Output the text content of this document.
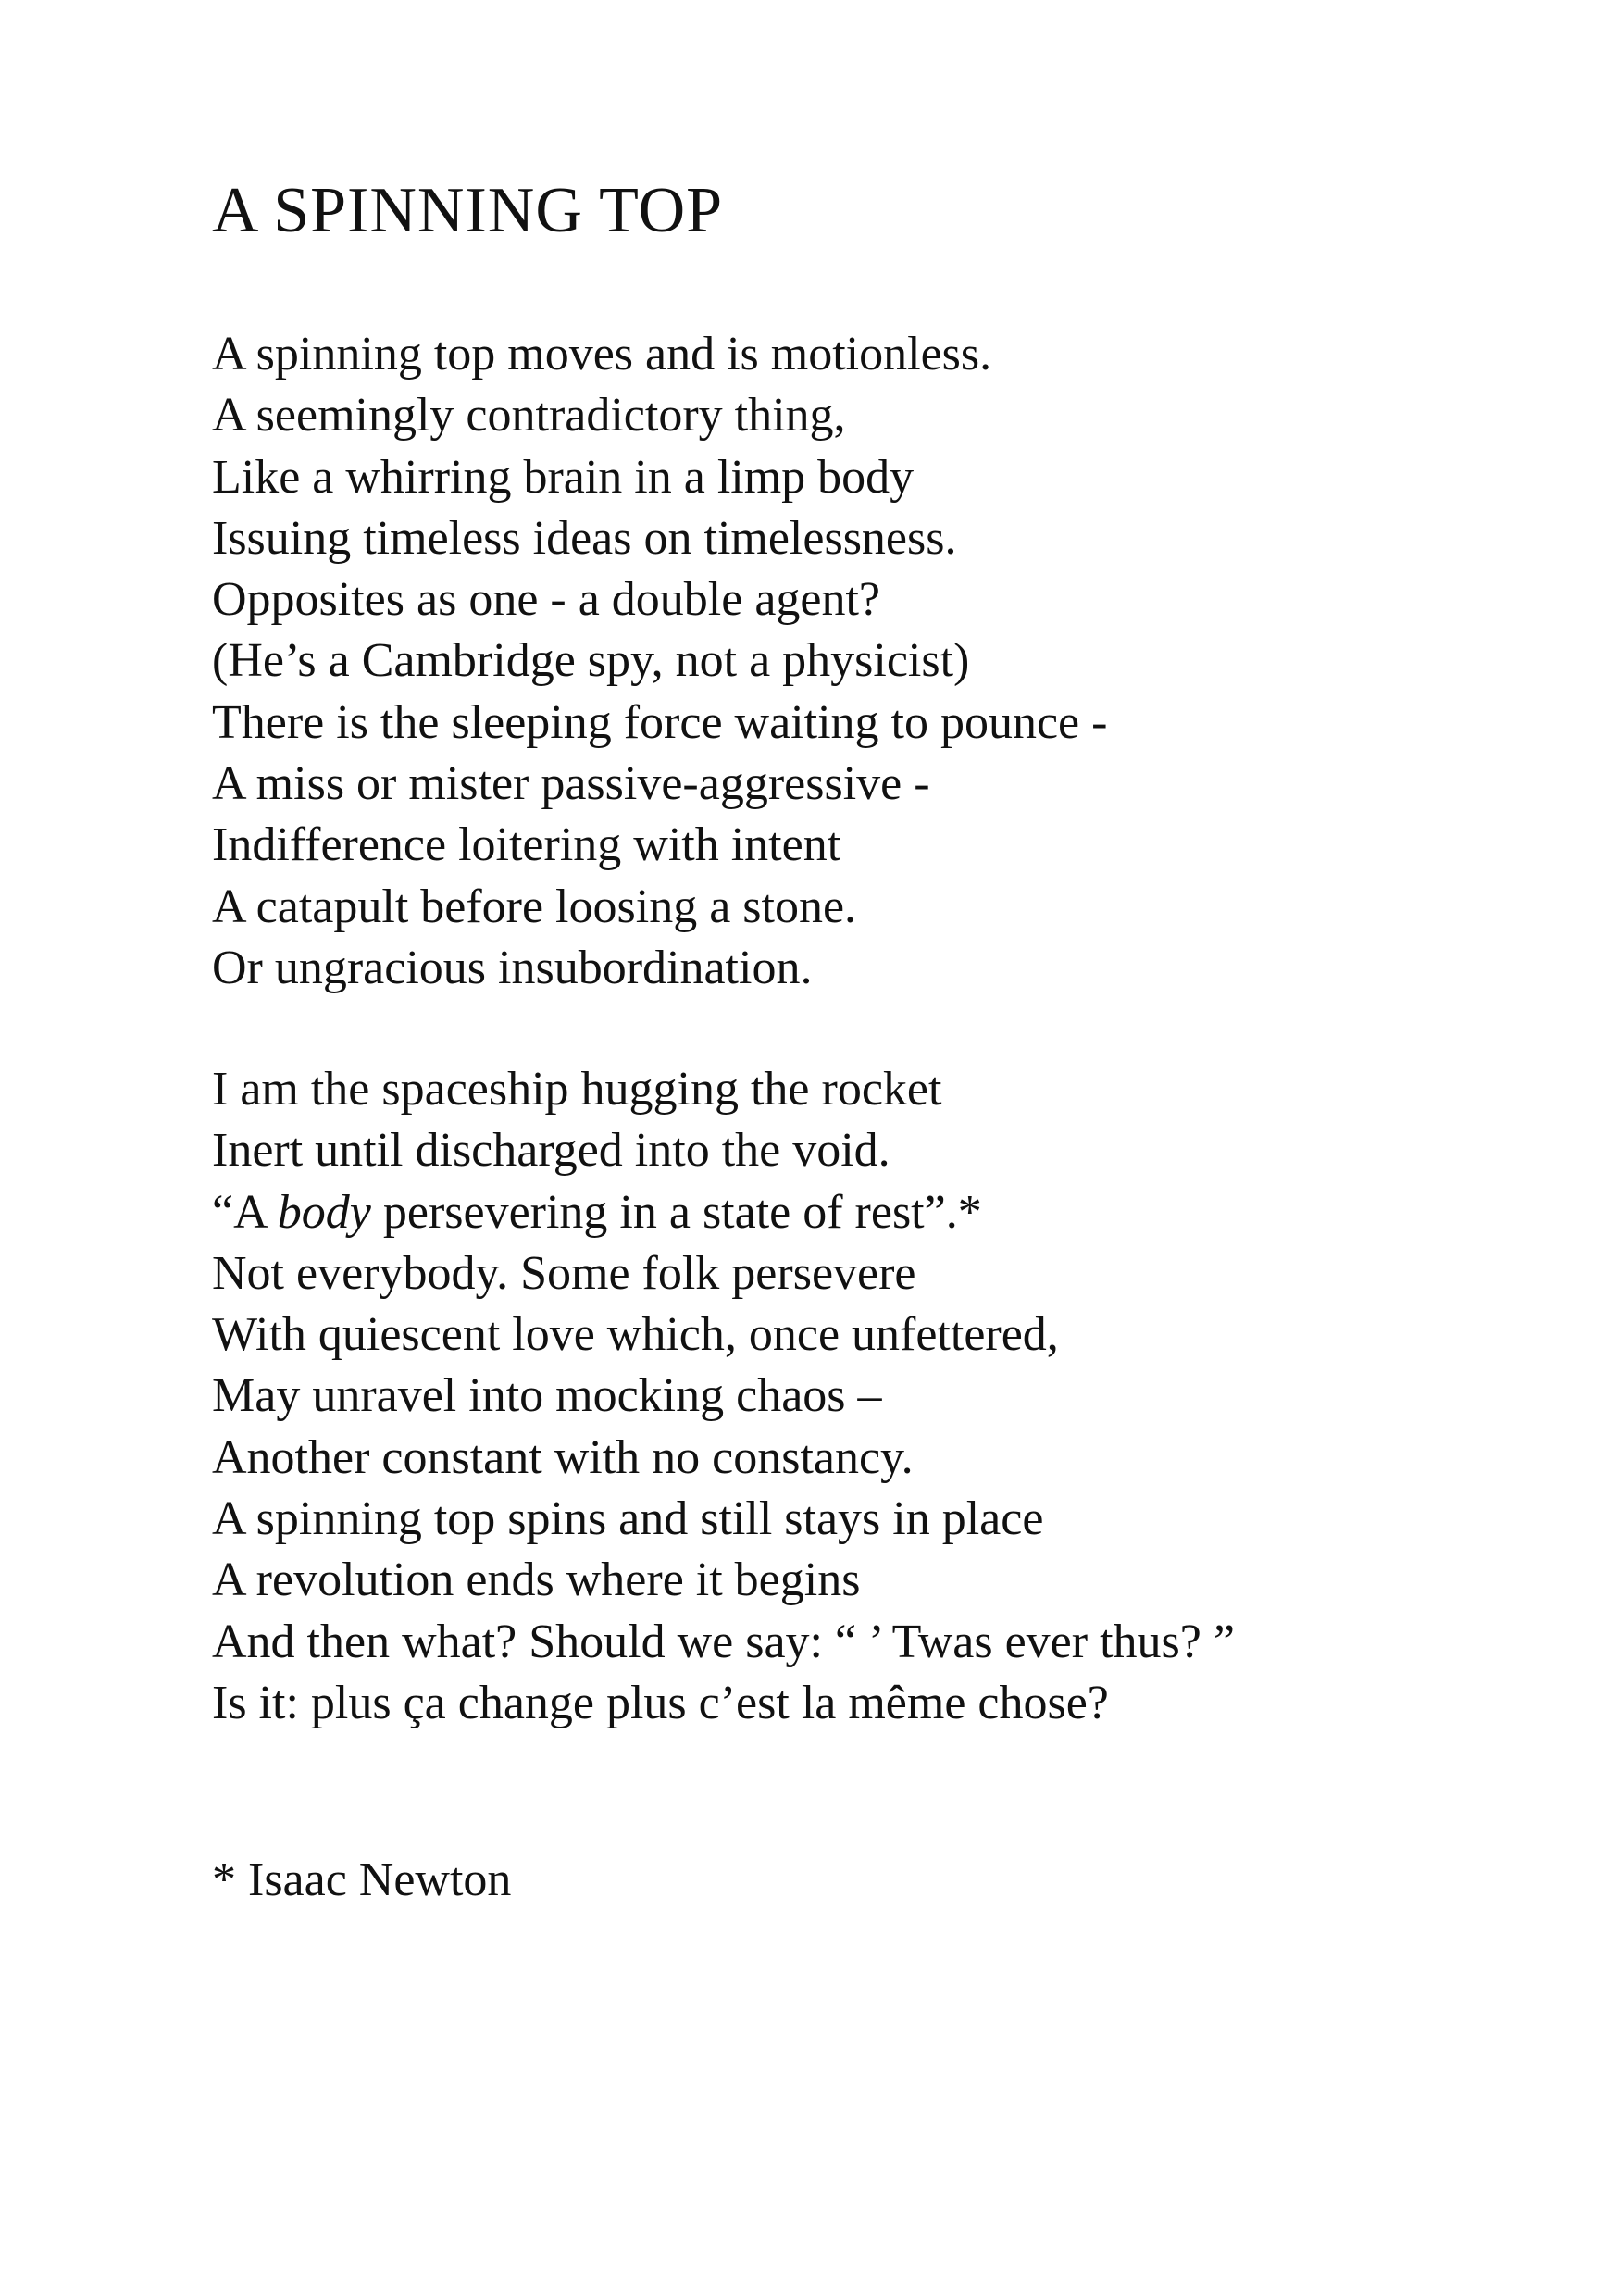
A SPINNING TOP
A spinning top moves and is motionless.
A seemingly contradictory thing,
Like a whirring brain in a limp body
Issuing timeless ideas on timelessness.
Opposites as one - a double agent?
(He’s a Cambridge spy, not a physicist)
There is the sleeping force waiting to pounce -
A miss or mister passive-aggressive -
Indifference loitering with intent
A catapult before loosing a stone.
Or ungracious insubordination.
I am the spaceship hugging the rocket
Inert until discharged into the void.
“A body persevering in a state of rest”.*
Not everybody. Some folk persevere
With quiescent love which, once unfettered,
May unravel into mocking chaos –
Another constant with no constancy.
A spinning top spins and still stays in place
A revolution ends where it begins
And then what? Should we say: “ ’ Twas ever thus? ”
Is it: plus ça change plus c’est la même chose?

* Isaac Newton
